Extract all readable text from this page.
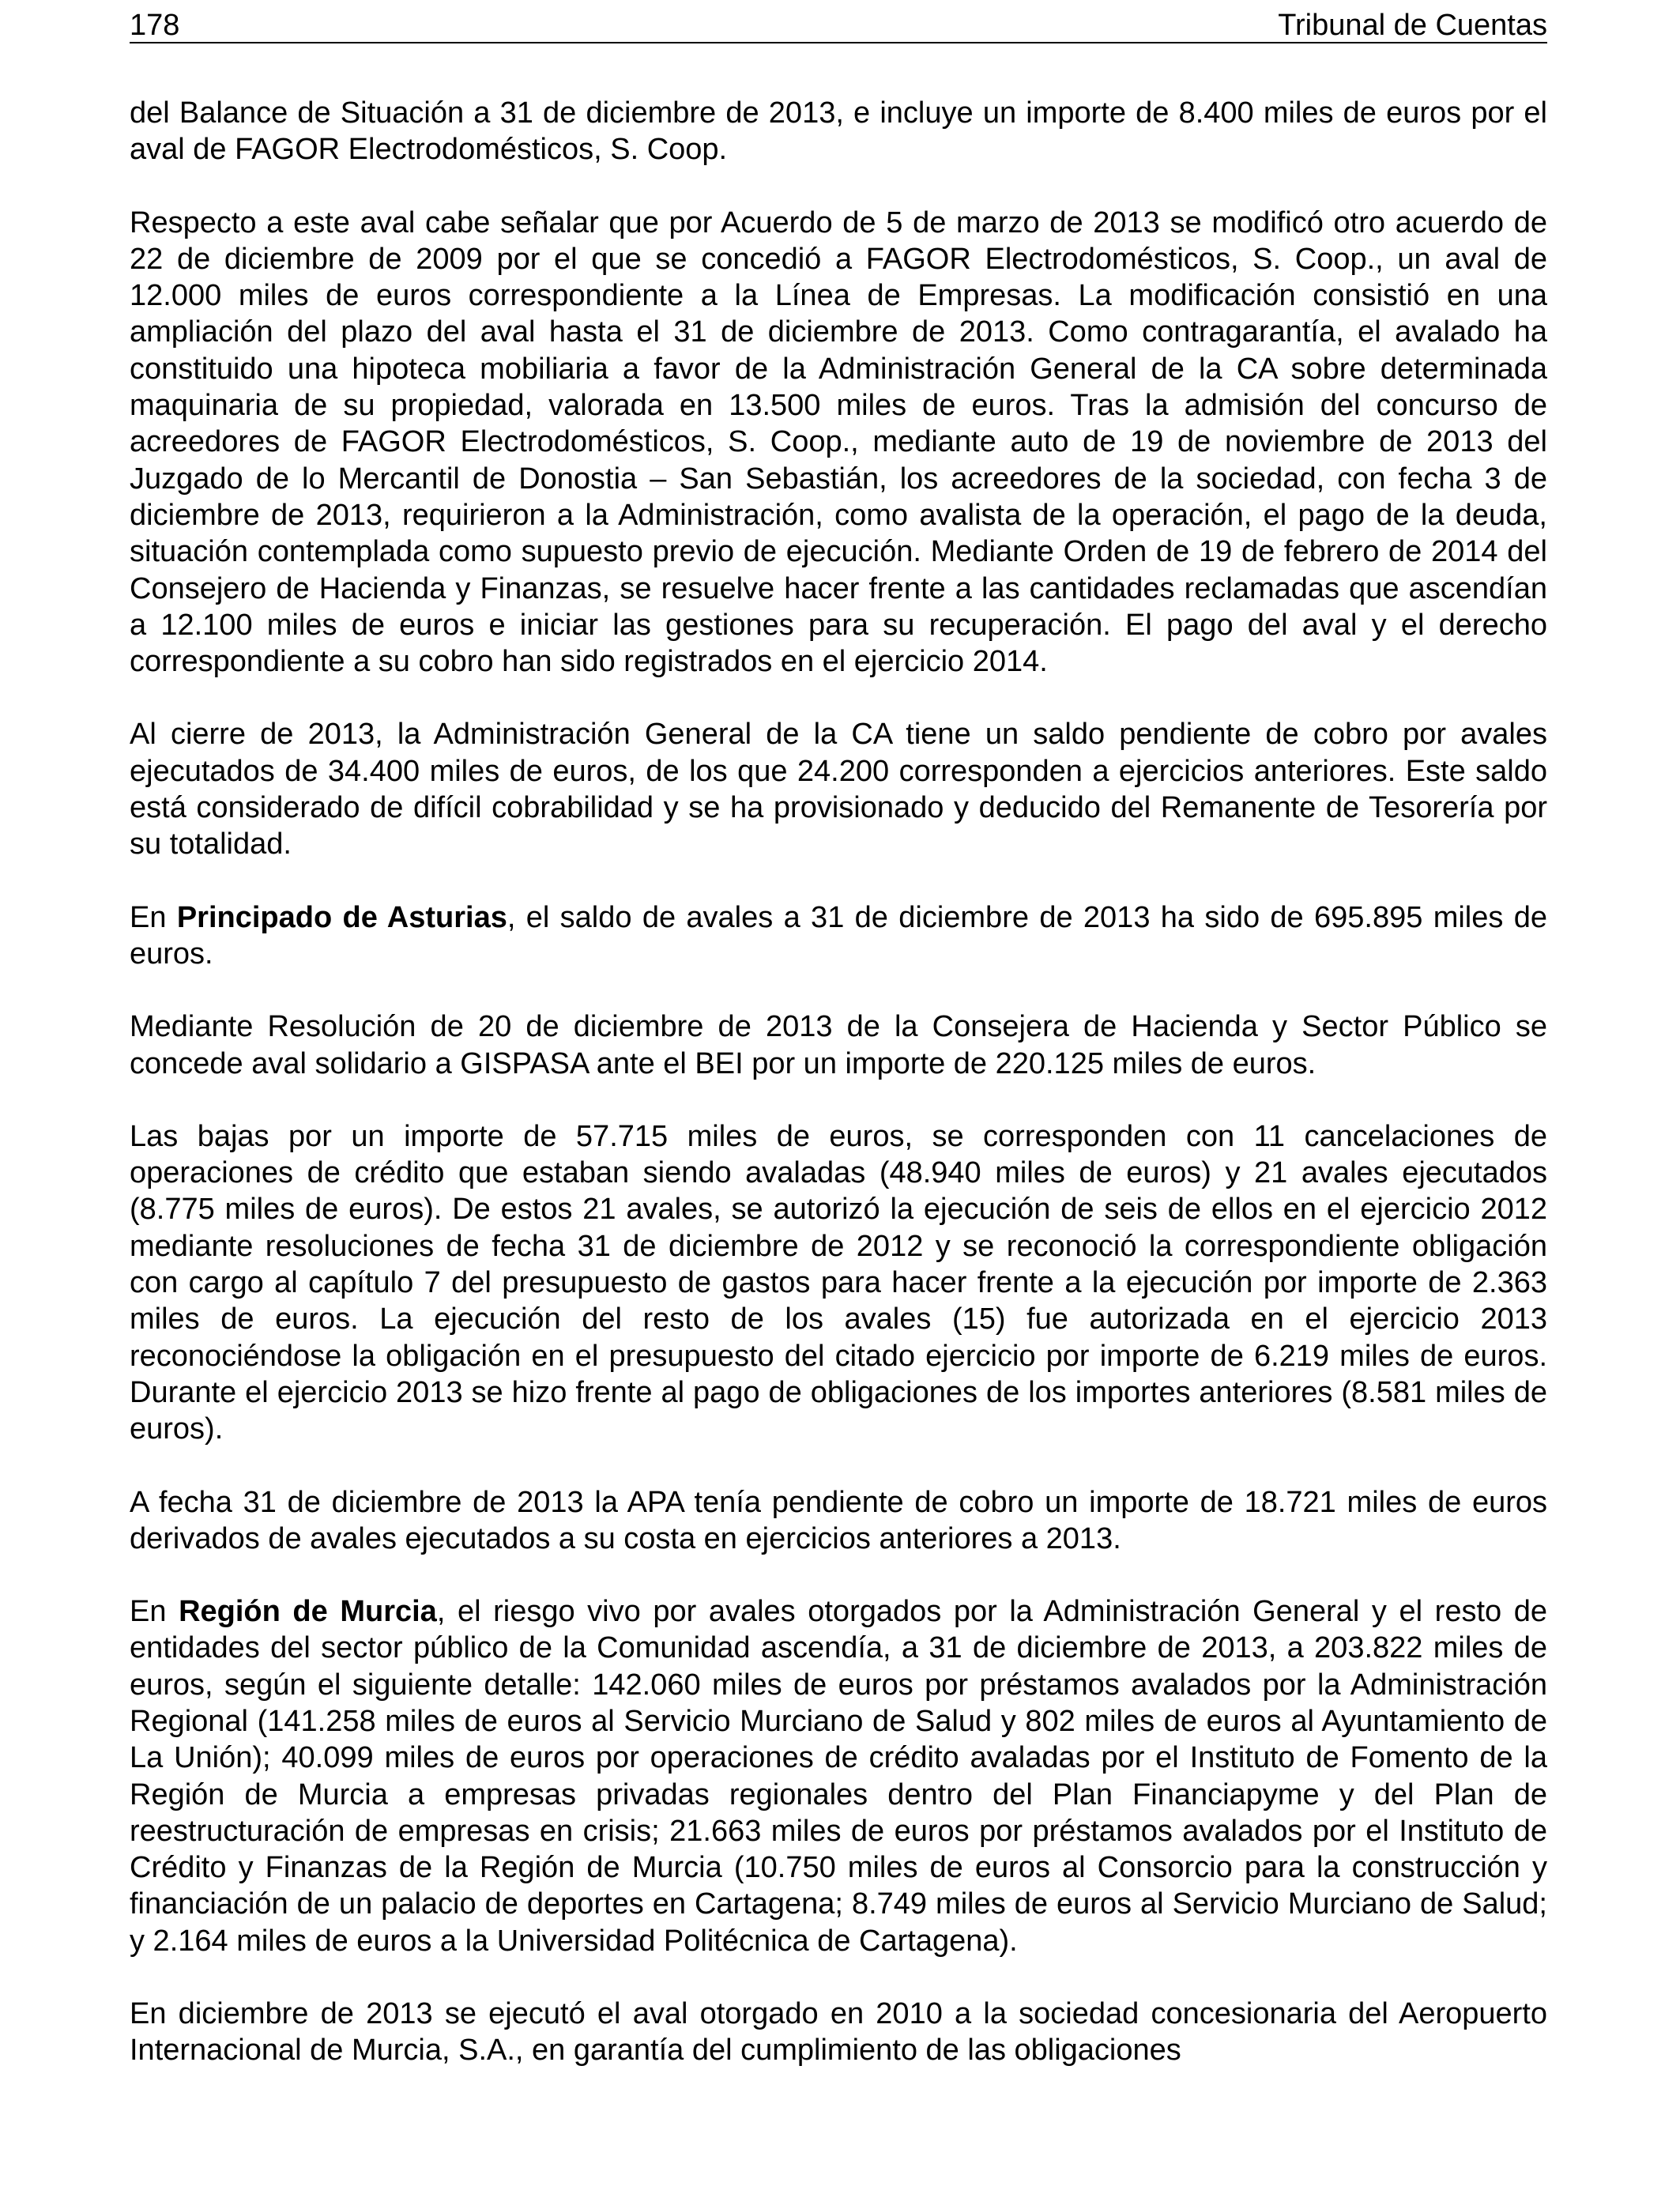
178	Tribunal de Cuentas

del Balance de Situación a 31 de diciembre de 2013, e incluye un importe de 8.400 miles de euros por el aval de FAGOR Electrodomésticos, S. Coop.

Respecto a este aval cabe señalar que por Acuerdo de 5 de marzo de 2013 se modificó otro acuerdo de 22 de diciembre de 2009 por el que se concedió a FAGOR Electrodomésticos, S. Coop., un aval de 12.000 miles de euros correspondiente a la Línea de Empresas. La modificación consistió en una ampliación del plazo del aval hasta el 31 de diciembre de 2013. Como contragarantía, el avalado ha constituido una hipoteca mobiliaria a favor de la Administración General de la CA sobre determinada maquinaria de su propiedad, valorada en 13.500 miles de euros. Tras la admisión del concurso de acreedores de FAGOR Electrodomésticos, S. Coop., mediante auto de 19 de noviembre de 2013 del Juzgado de lo Mercantil de Donostia – San Sebastián, los acreedores de la sociedad, con fecha 3 de diciembre de 2013, requirieron a la Administración, como avalista de la operación, el pago de la deuda, situación contemplada como supuesto previo de ejecución. Mediante Orden de 19 de febrero de 2014 del Consejero de Hacienda y Finanzas, se resuelve hacer frente a las cantidades reclamadas que ascendían a 12.100 miles de euros e iniciar las gestiones para su recuperación. El pago del aval y el derecho correspondiente a su cobro han sido registrados en el ejercicio 2014.

Al cierre de 2013, la Administración General de la CA tiene un saldo pendiente de cobro por avales ejecutados de 34.400 miles de euros, de los que 24.200 corresponden a ejercicios anteriores. Este saldo está considerado de difícil cobrabilidad y se ha provisionado y deducido del Remanente de Tesorería por su totalidad.

En Principado de Asturias, el saldo de avales a 31 de diciembre de 2013 ha sido de 695.895 miles de euros.

Mediante Resolución de 20 de diciembre de 2013 de la Consejera de Hacienda y Sector Público se concede aval solidario a GISPASA ante el BEI por un importe de 220.125 miles de euros.

Las bajas por un importe de 57.715 miles de euros, se corresponden con 11 cancelaciones de operaciones de crédito que estaban siendo avaladas (48.940 miles de euros) y 21 avales ejecutados (8.775 miles de euros). De estos 21 avales, se autorizó la ejecución de seis de ellos en el ejercicio 2012 mediante resoluciones de fecha 31 de diciembre de 2012 y se reconoció la correspondiente obligación con cargo al capítulo 7 del presupuesto de gastos para hacer frente a la ejecución por importe de 2.363 miles de euros. La ejecución del resto de los avales (15) fue autorizada en el ejercicio 2013 reconociéndose la obligación en el presupuesto del citado ejercicio por importe de 6.219 miles de euros. Durante el ejercicio 2013 se hizo frente al pago de obligaciones de los importes anteriores (8.581 miles de euros).

A fecha 31 de diciembre de 2013 la APA tenía pendiente de cobro un importe de 18.721 miles de euros derivados de avales ejecutados a su costa en ejercicios anteriores a 2013.

En Región de Murcia, el riesgo vivo por avales otorgados por la Administración General y el resto de entidades del sector público de la Comunidad ascendía, a 31 de diciembre de 2013, a 203.822 miles de euros, según el siguiente detalle: 142.060 miles de euros por préstamos avalados por la Administración Regional (141.258 miles de euros al Servicio Murciano de Salud y 802 miles de euros al Ayuntamiento de La Unión); 40.099 miles de euros por operaciones de crédito avaladas por el Instituto de Fomento de la Región de Murcia a empresas privadas regionales dentro del Plan Financiapyme y del Plan de reestructuración de empresas en crisis; 21.663 miles de euros por préstamos avalados por el Instituto de Crédito y Finanzas de la Región de Murcia (10.750 miles de euros al Consorcio para la construcción y financiación de un palacio de deportes en Cartagena; 8.749 miles de euros al Servicio Murciano de Salud; y 2.164 miles de euros a la Universidad Politécnica de Cartagena).

En diciembre de 2013 se ejecutó el aval otorgado en 2010 a la sociedad concesionaria del Aeropuerto Internacional de Murcia, S.A., en garantía del cumplimiento de las obligaciones
